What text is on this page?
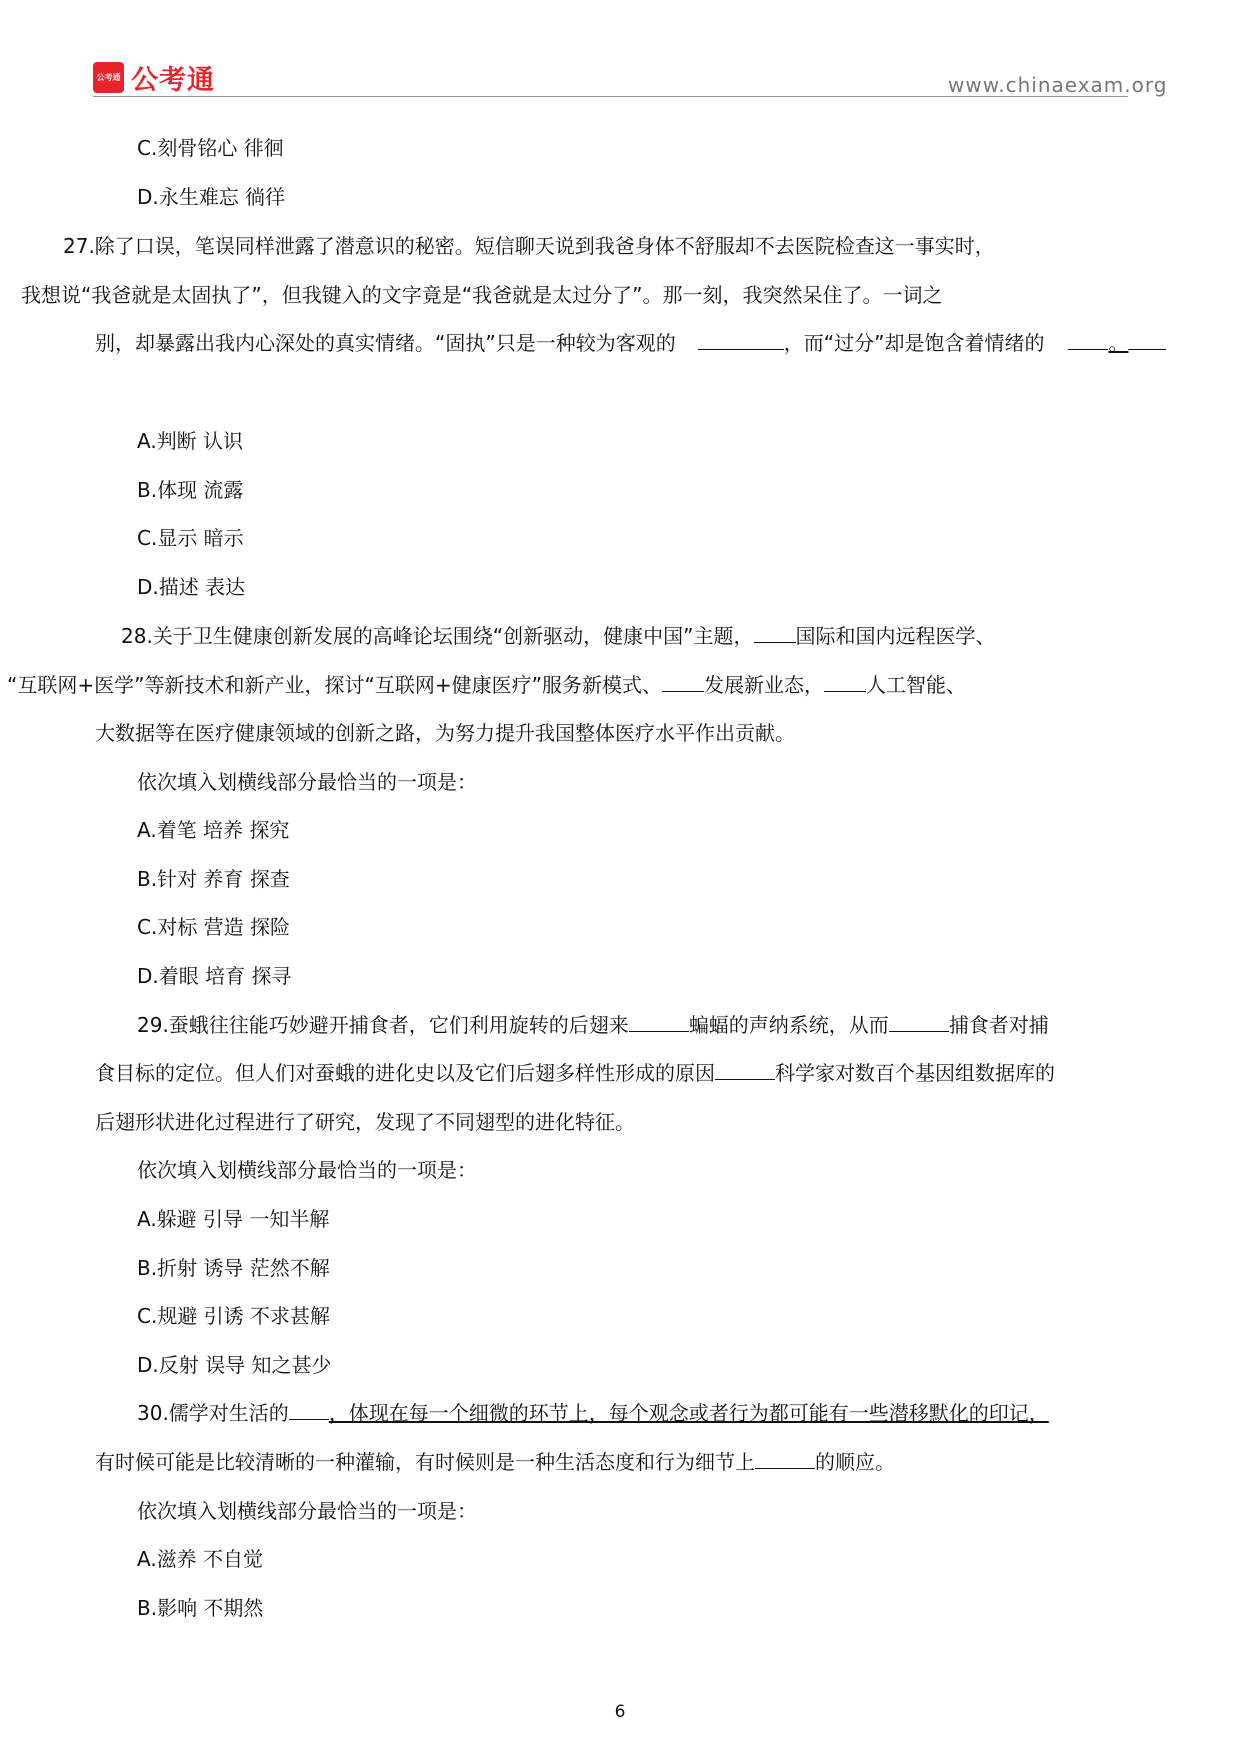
公考通 公考通	www.chinaexam.org
C.刻骨铭心 徘徊
D.永生难忘 徜徉
27.除了口误，笔误同样泄露了潜意识的秘密。短信聊天说到我爸身体不舒服却不去医院检查这一事实时，
我想说“我爸就是太固执了”，但我键入的文字竟是“我爸就是太过分了”。那一刻，我突然呆住了。一词之
别，却暴露出我内心深处的真实情绪。“固执”只是一种较为客观的	，而“过分”却是饱含着情绪的	。
A.判断 认识
B.体现 流露
C.显示 暗示
D.描述 表达
28.关于卫生健康创新发展的高峰论坛围绕“创新驱动，健康中国”主题， 国际和国内远程医学、
“互联网+医学”等新技术和新产业，探讨“互联网+健康医疗”服务新模式、 发展新业态， 人工智能、
大数据等在医疗健康领域的创新之路，为努力提升我国整体医疗水平作出贡献。
依次填入划横线部分最恰当的一项是：
A.着笔 培养 探究
B.针对 养育 探查
C.对标 营造 探险
D.着眼 培育 探寻
29.蚕蛾往往能巧妙避开捕食者，它们利用旋转的后翅来	蝙蝠的声纳系统，从而	捕食者对捕
食目标的定位。但人们对蚕蛾的进化史以及它们后翅多样性形成的原因	科学家对数百个基因组数据库的
后翅形状进化过程进行了研究，发现了不同翅型的进化特征。
依次填入划横线部分最恰当的一项是：
A.躲避 引导 一知半解
B.折射 诱导 茫然不解
C.规避 引诱 不求甚解
D.反射 误导 知之甚少
30.儒学对生活的 ，体现在每一个细微的环节上，每个观念或者行为都可能有一些潜移默化的印记，
有时候可能是比较清晰的一种灌输，有时候则是一种生活态度和行为细节上	的顺应。
依次填入划横线部分最恰当的一项是：
A.滋养 不自觉
B.影响 不期然
6
